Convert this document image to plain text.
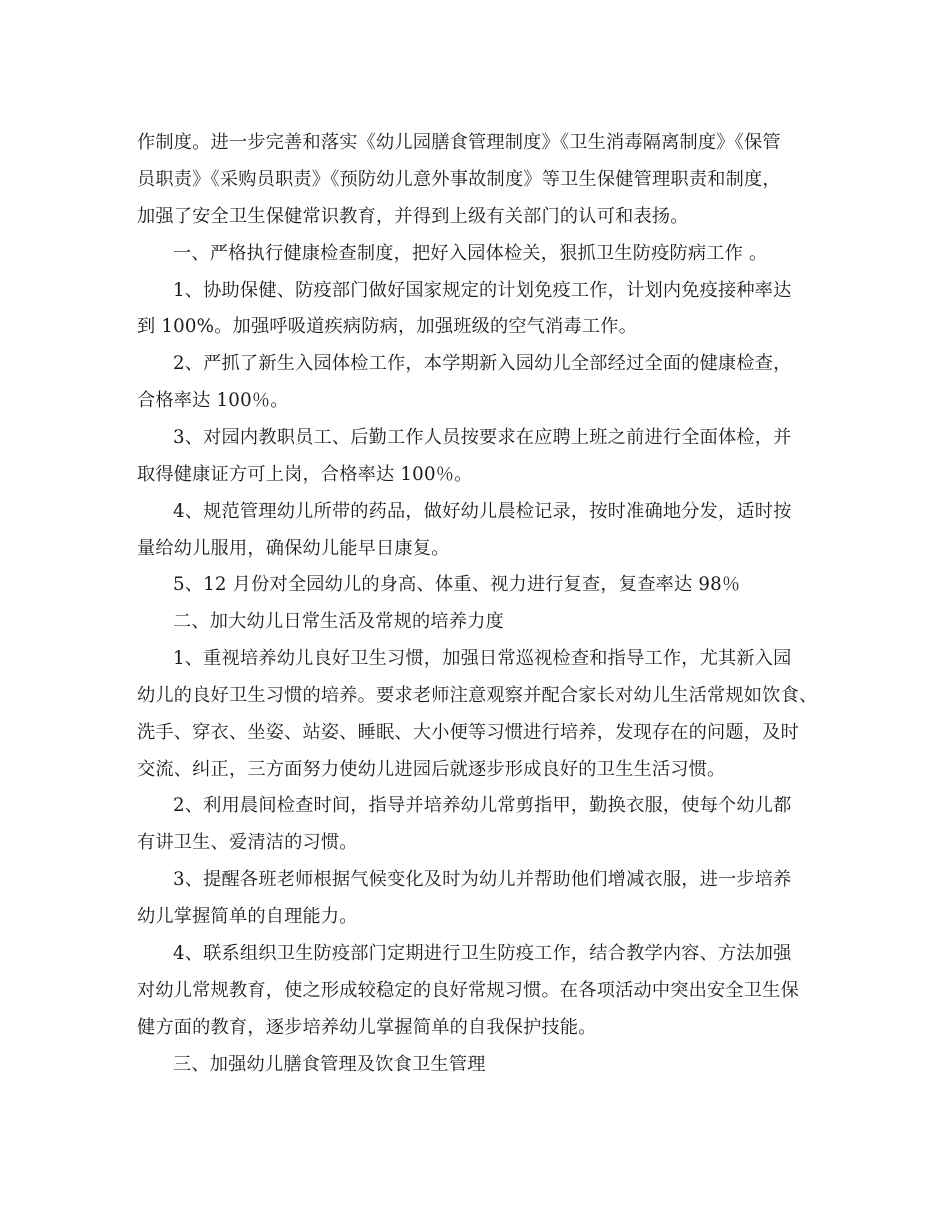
作制度。进一步完善和落实《幼儿园膳食管理制度》《卫生消毒隔离制度》《保管
员职责》《采购员职责》《预防幼儿意外事故制度》等卫生保健管理职责和制度，
加强了安全卫生保健常识教育，并得到上级有关部门的认可和表扬。
一、严格执行健康检查制度，把好入园体检关，狠抓卫生防疫防病工作 。
1、协助保健、防疫部门做好国家规定的计划免疫工作，计划内免疫接种率达
到 100%。加强呼吸道疾病防病，加强班级的空气消毒工作。
2、严抓了新生入园体检工作，本学期新入园幼儿全部经过全面的健康检查，
合格率达 100％。
3、对园内教职员工、后勤工作人员按要求在应聘上班之前进行全面体检，并
取得健康证方可上岗，合格率达 100％。
4、规范管理幼儿所带的药品，做好幼儿晨检记录，按时准确地分发，适时按
量给幼儿服用，确保幼儿能早日康复。
5、12 月份对全园幼儿的身高、体重、视力进行复查，复查率达 98％
二、加大幼儿日常生活及常规的培养力度
1、重视培养幼儿良好卫生习惯，加强日常巡视检查和指导工作，尤其新入园
幼儿的良好卫生习惯的培养。要求老师注意观察并配合家长对幼儿生活常规如饮食、
洗手、穿衣、坐姿、站姿、睡眠、大小便等习惯进行培养，发现存在的问题，及时
交流、纠正，三方面努力使幼儿进园后就逐步形成良好的卫生生活习惯。
2、利用晨间检查时间，指导并培养幼儿常剪指甲，勤换衣服，使每个幼儿都
有讲卫生、爱清洁的习惯。
3、提醒各班老师根据气候变化及时为幼儿并帮助他们增减衣服，进一步培养
幼儿掌握简单的自理能力。
4、联系组织卫生防疫部门定期进行卫生防疫工作，结合教学内容、方法加强
对幼儿常规教育，使之形成较稳定的良好常规习惯。在各项活动中突出安全卫生保
健方面的教育，逐步培养幼儿掌握简单的自我保护技能。
三、加强幼儿膳食管理及饮食卫生管理
